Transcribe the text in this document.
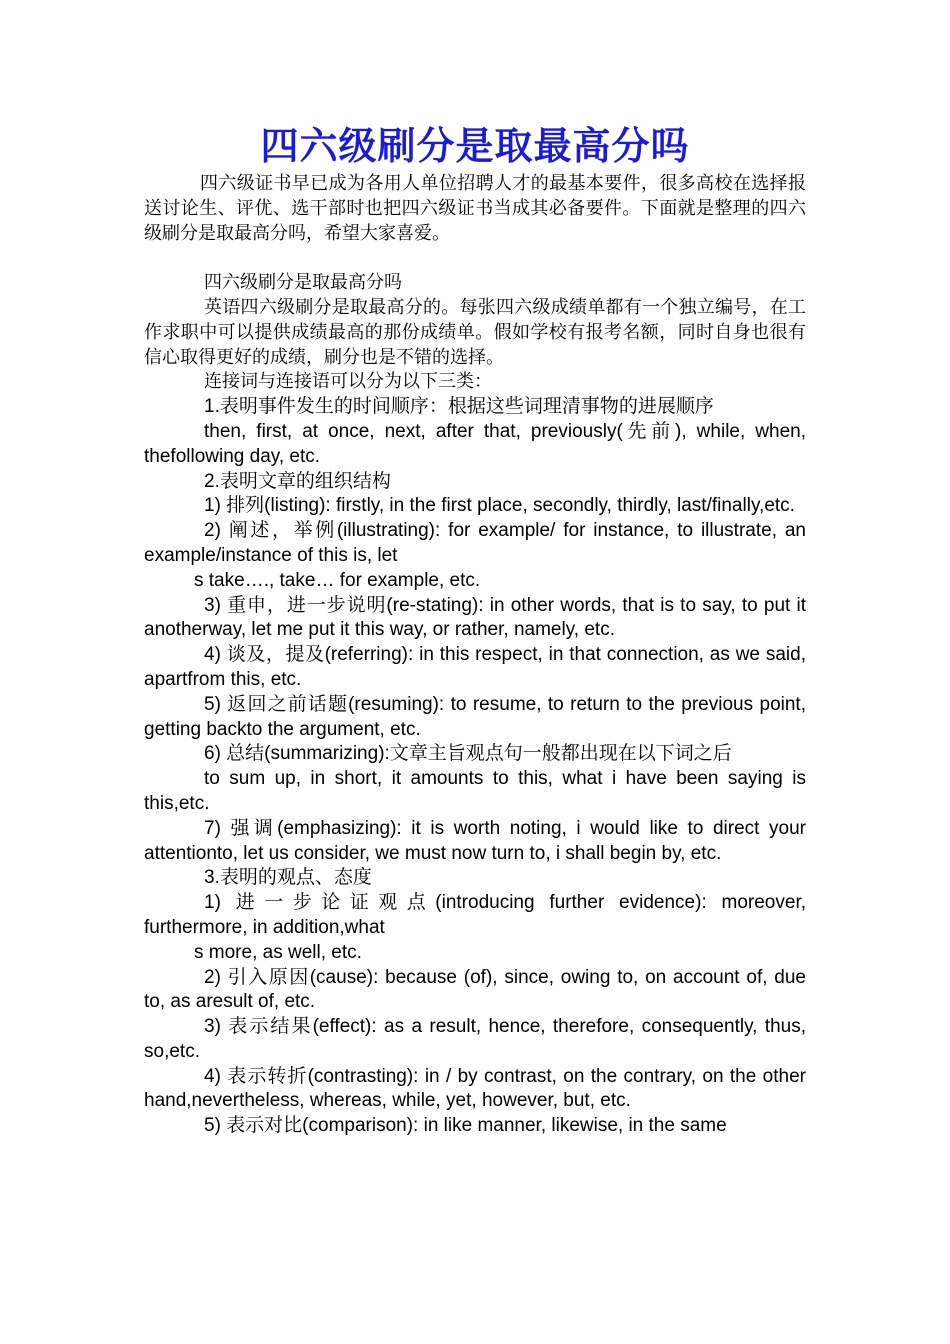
四六级刷分是取最高分吗

四六级证书早已成为各用人单位招聘人才的最基本要件，很多高校在选择报送讨论生、评优、选干部时也把四六级证书当成其必备要件。下面就是整理的四六级刷分是取最高分吗，希望大家喜爱。

四六级刷分是取最高分吗

英语四六级刷分是取最高分的。每张四六级成绩单都有一个独立编号，在工作求职中可以提供成绩最高的那份成绩单。假如学校有报考名额，同时自身也很有信心取得更好的成绩，刷分也是不错的选择。

连接词与连接语可以分为以下三类：

1.表明事件发生的时间顺序：根据这些词理清事物的进展顺序

then, first, at once, next, after that, previously(先前), while, when, thefollowing day, etc.

2.表明文章的组织结构

1) 排列(listing): firstly, in the first place, secondly, thirdly, last/finally,etc.

2) 阐述，举例(illustrating): for example/ for instance, to illustrate, an example/instance of this is, let

s take…., take… for example, etc.

3) 重申，进一步说明(re-stating): in other words, that is to say, to put it anotherway, let me put it this way, or rather, namely, etc.

4) 谈及，提及(referring): in this respect, in that connection, as we said, apartfrom this, etc.

5) 返回之前话题(resuming): to resume, to return to the previous point, getting backto the argument, etc.

6) 总结(summarizing):文章主旨观点句一般都出现在以下词之后

to sum up, in short, it amounts to this, what i have been saying is this,etc.

7) 强调(emphasizing): it is worth noting, i would like to direct your attentionto, let us consider, we must now turn to, i shall begin by, etc.

3.表明的观点、态度

1) 进一步论证观点(introducing further evidence): moreover, furthermore, in addition,what

s more, as well, etc.

2) 引入原因(cause): because (of), since, owing to, on account of, due to, as aresult of, etc.

3) 表示结果(effect): as a result, hence, therefore, consequently, thus, so,etc.

4) 表示转折(contrasting): in / by contrast, on the contrary, on the other hand,nevertheless, whereas, while, yet, however, but, etc.

5) 表示对比(comparison): in like manner, likewise, in the same
